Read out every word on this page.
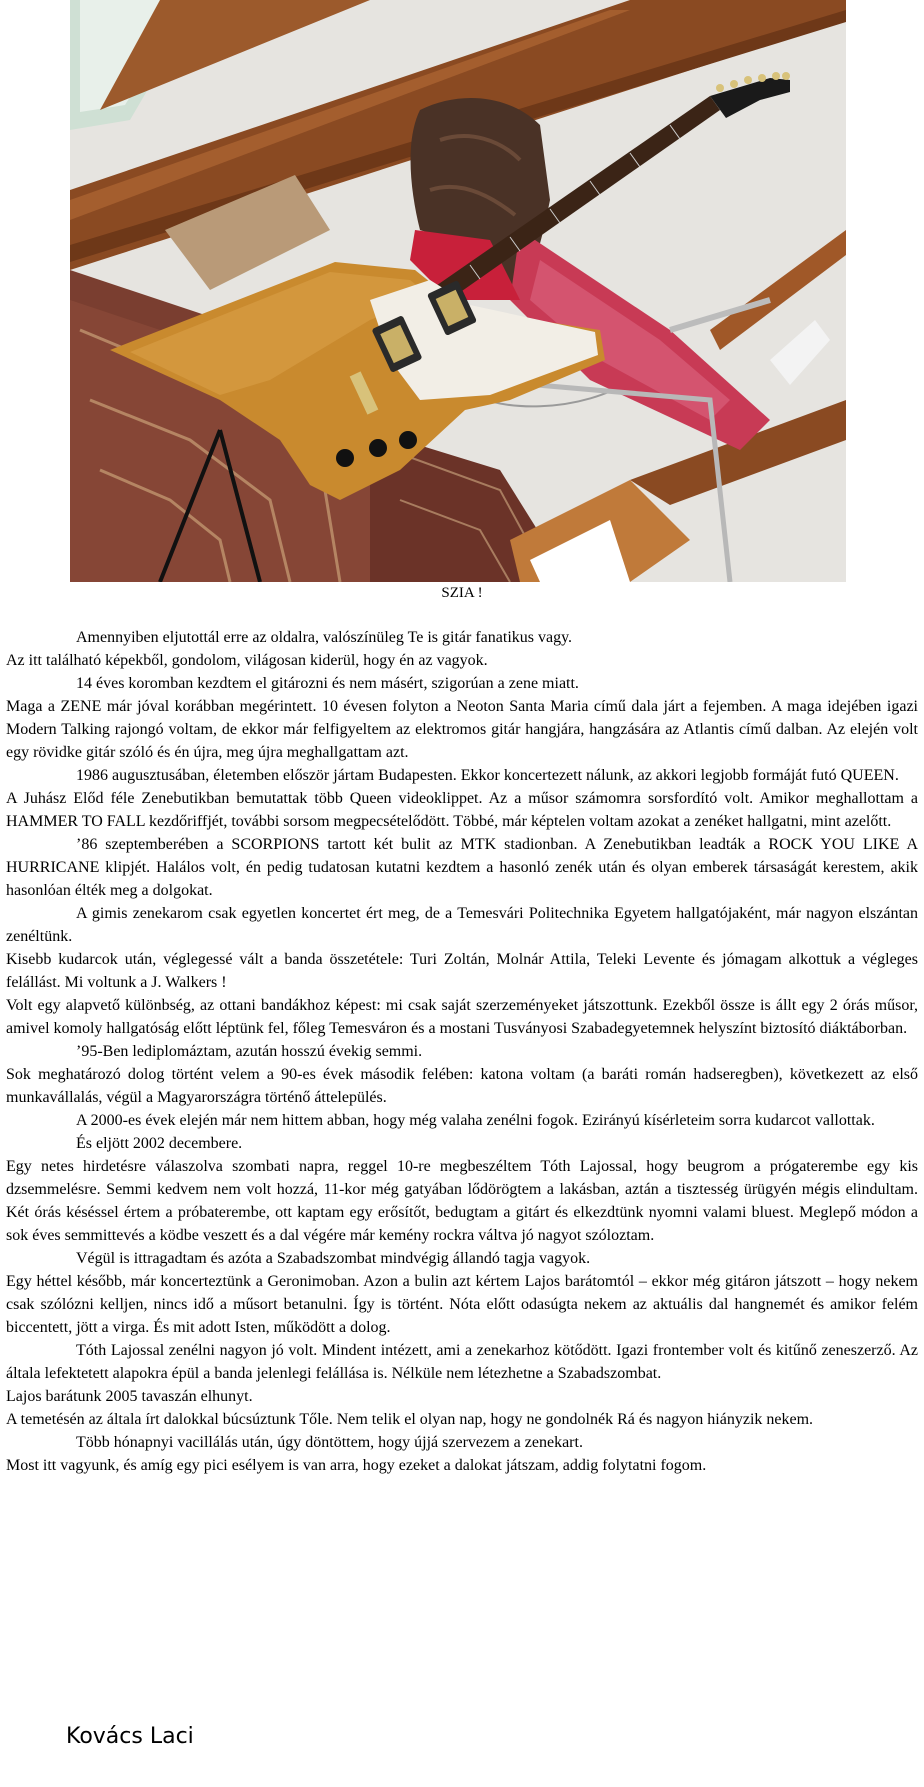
SZIA !

Amennyiben eljutottál erre az oldalra, valószínüleg Te is gitár fanatikus vagy.

Az itt található képekből, gondolom, világosan kiderül, hogy én az vagyok.

14 éves koromban kezdtem el gitározni és nem másért, szigorúan a zene miatt.

Maga a ZENE már jóval korábban megérintett. 10 évesen folyton a Neoton Santa Maria című dala járt a fejemben. A maga idejében igazi Modern Talking rajongó voltam, de ekkor már felfigyeltem az elektromos gitár hangjára, hangzására az Atlantis című dalban. Az elején volt egy rövidke gitár szóló és én újra, meg újra meghallgattam azt.

1986 augusztusában, életemben először jártam Budapesten. Ekkor koncertezett nálunk, az akkori legjobb formáját futó QUEEN.

A Juhász Előd féle Zenebutikban bemutattak több Queen videoklippet. Az a műsor számomra sorsfordító volt. Amikor meghallottam a HAMMER TO FALL kezdőriffjét, további sorsom megpecsételődött. Többé, már képtelen voltam azokat a zenéket hallgatni, mint azelőtt.

’86 szeptemberében a SCORPIONS tartott két bulit az MTK stadionban. A Zenebutikban leadták a ROCK YOU LIKE A HURRICANE klipjét. Halálos volt, én pedig tudatosan kutatni kezdtem a hasonló zenék után és olyan emberek társaságát kerestem, akik hasonlóan élték meg a dolgokat.

A gimis zenekarom csak egyetlen koncertet ért meg, de a Temesvári Politechnika Egyetem hallgatójaként, már nagyon elszántan zenéltünk.

Kisebb kudarcok után, véglegessé vált a banda összetétele: Turi Zoltán, Molnár Attila, Teleki Levente és jómagam alkottuk a végleges felállást. Mi voltunk a J. Walkers !

Volt egy alapvető különbség, az ottani bandákhoz képest: mi csak saját szerzeményeket játszottunk. Ezekből össze is állt egy 2 órás műsor, amivel komoly hallgatóság előtt léptünk fel, főleg Temesváron és a mostani Tusványosi Szabadegyetemnek helyszínt biztosító diáktáborban.

’95-Ben lediplomáztam, azután hosszú évekig semmi.

Sok meghatározó dolog történt velem a 90-es évek második felében: katona voltam (a baráti román hadseregben), következett az első munkavállalás, végül a Magyarországra történő áttelepülés.

A 2000-es évek elején már nem hittem abban, hogy még valaha zenélni fogok. Ezirányú kísérleteim sorra kudarcot vallottak.

És eljött 2002 decembere.

Egy netes hirdetésre válaszolva szombati napra, reggel 10-re megbeszéltem Tóth Lajossal, hogy beugrom a prógaterembe egy kis dzsemmelésre. Semmi kedvem nem volt hozzá, 11-kor még gatyában lődörögtem a lakásban, aztán a tisztesség ürügyén mégis elindultam. Két órás késéssel értem a próbaterembe, ott kaptam egy erősítőt, bedugtam a gitárt és elkezdtünk nyomni valami bluest. Meglepő módon a sok éves semmittevés a ködbe veszett és a dal végére már kemény rockra váltva jó nagyot szóloztam.

Végül is ittragadtam és azóta a Szabadszombat mindvégig állandó tagja vagyok.

Egy héttel később, már koncerteztünk a Geronimoban. Azon a bulin azt kértem Lajos barátomtól – ekkor még gitáron játszott – hogy nekem csak szólózni kelljen, nincs idő a műsort betanulni. Így is történt. Nóta előtt odasúgta nekem az aktuális dal hangnemét és amikor felém biccentett, jött a virga. És mit adott Isten, működött a dolog.

Tóth Lajossal zenélni nagyon jó volt. Mindent intézett, ami a zenekarhoz kötődött. Igazi frontember volt és kitűnő zeneszerző. Az általa lefektetett alapokra épül a banda jelenlegi felállása is. Nélküle nem létezhetne a Szabadszombat.

Lajos barátunk 2005 tavaszán elhunyt.

A temetésén az általa írt dalokkal búcsúztunk Tőle. Nem telik el olyan nap, hogy ne gondolnék Rá és nagyon hiányzik nekem.

Több hónapnyi vacillálás után, úgy döntöttem, hogy újjá szervezem a zenekart.

Most itt vagyunk, és amíg egy pici esélyem is van arra, hogy ezeket a dalokat játszam, addig folytatni fogom.

Kovács Laci
